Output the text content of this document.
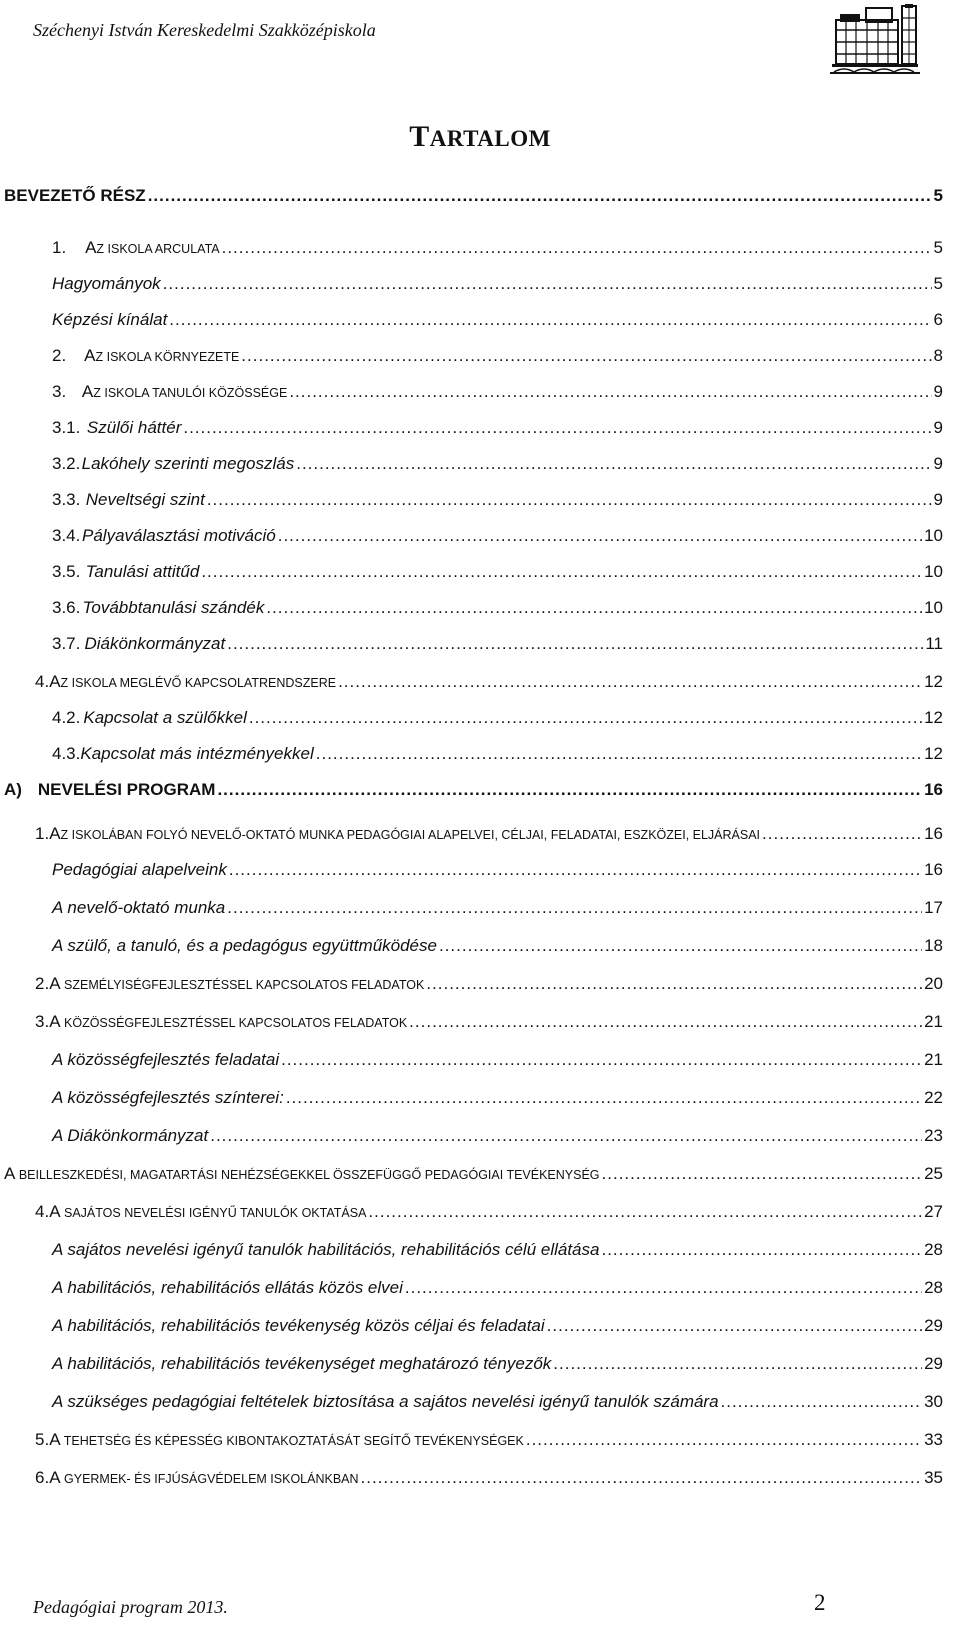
Széchenyi István Kereskedelmi Szakközépiskola
TARTALOM
BEVEZETŐ RÉSZ .....	5
1.	AZ ISKOLA ARCULATA .....	5
Hagyományok .....	5
Képzési kínálat .....	6
2.	AZ ISKOLA KÖRNYEZETE .....	8
3. AZ ISKOLA TANULÓI KÖZÖSSÉGE .....	9
3.1. Szülői háttér .....	9
3.2. Lakóhely szerinti megoszlás .....	9
3.3. Neveltségi szint .....	9
3.4. Pályaválasztási motiváció .....	10
3.5. Tanulási attitűd .....	10
3.6. Továbbtanulási szándék .....	10
3.7. Diákönkormányzat .....	11
4. AZ ISKOLA MEGLÉVŐ KAPCSOLATRENDSZERE .....	12
4.2. Kapcsolat a szülőkkel .....	12
4.3. Kapcsolat más intézményekkel .....	12
A) NEVELÉSI PROGRAM .....	16
1. AZ ISKOLÁBAN FOLYÓ NEVELŐ-OKTATÓ MUNKA PEDAGÓGIAI ALAPELVEI, CÉLJAI, FELADATAI, ESZKÖZEI, ELJÁRÁSAI .....	16
Pedagógiai alapelveink .....	16
A nevelő-oktató munka .....	17
A szülő, a tanuló, és a pedagógus együttműködése .....	18
2. A SZEMÉLYISÉGFEJLESZTÉSSEL KAPCSOLATOS FELADATOK .....	20
3. A KÖZÖSSÉGFEJLESZTÉSSEL KAPCSOLATOS FELADATOK .....	21
A közösségfejlesztés feladatai .....	21
A közösségfejlesztés színterei: .....	22
A Diákönkormányzat .....	23
A BEILLESZKEDÉSI, MAGATARTÁSI NEHÉZSÉGEKKEL ÖSSZEFÜGGŐ PEDAGÓGIAI TEVÉKENYSÉG .....	25
4. A SAJÁTOS NEVELÉSI IGÉNYŰ TANULÓK OKTATÁSA .....	27
A sajátos nevelési igényű tanulók habilitációs, rehabilitációs célú ellátása .....	28
A habilitációs, rehabilitációs ellátás közös elvei .....	28
A habilitációs, rehabilitációs tevékenység közös céljai és feladatai .....	29
A habilitációs, rehabilitációs tevékenységet meghatározó tényezők .....	29
A szükséges pedagógiai feltételek biztosítása a sajátos nevelési igényű tanulók számára .....	30
5. A TEHETSÉG ÉS KÉPESSÉG KIBONTAKOZTATÁSÁT SEGÍTŐ TEVÉKENYSÉGEK .....	33
6. A GYERMEK- ÉS IFJÚSÁGVÉDELEM ISKOLÁNKBAN .....	35
Pedagógiai program 2013.	2
